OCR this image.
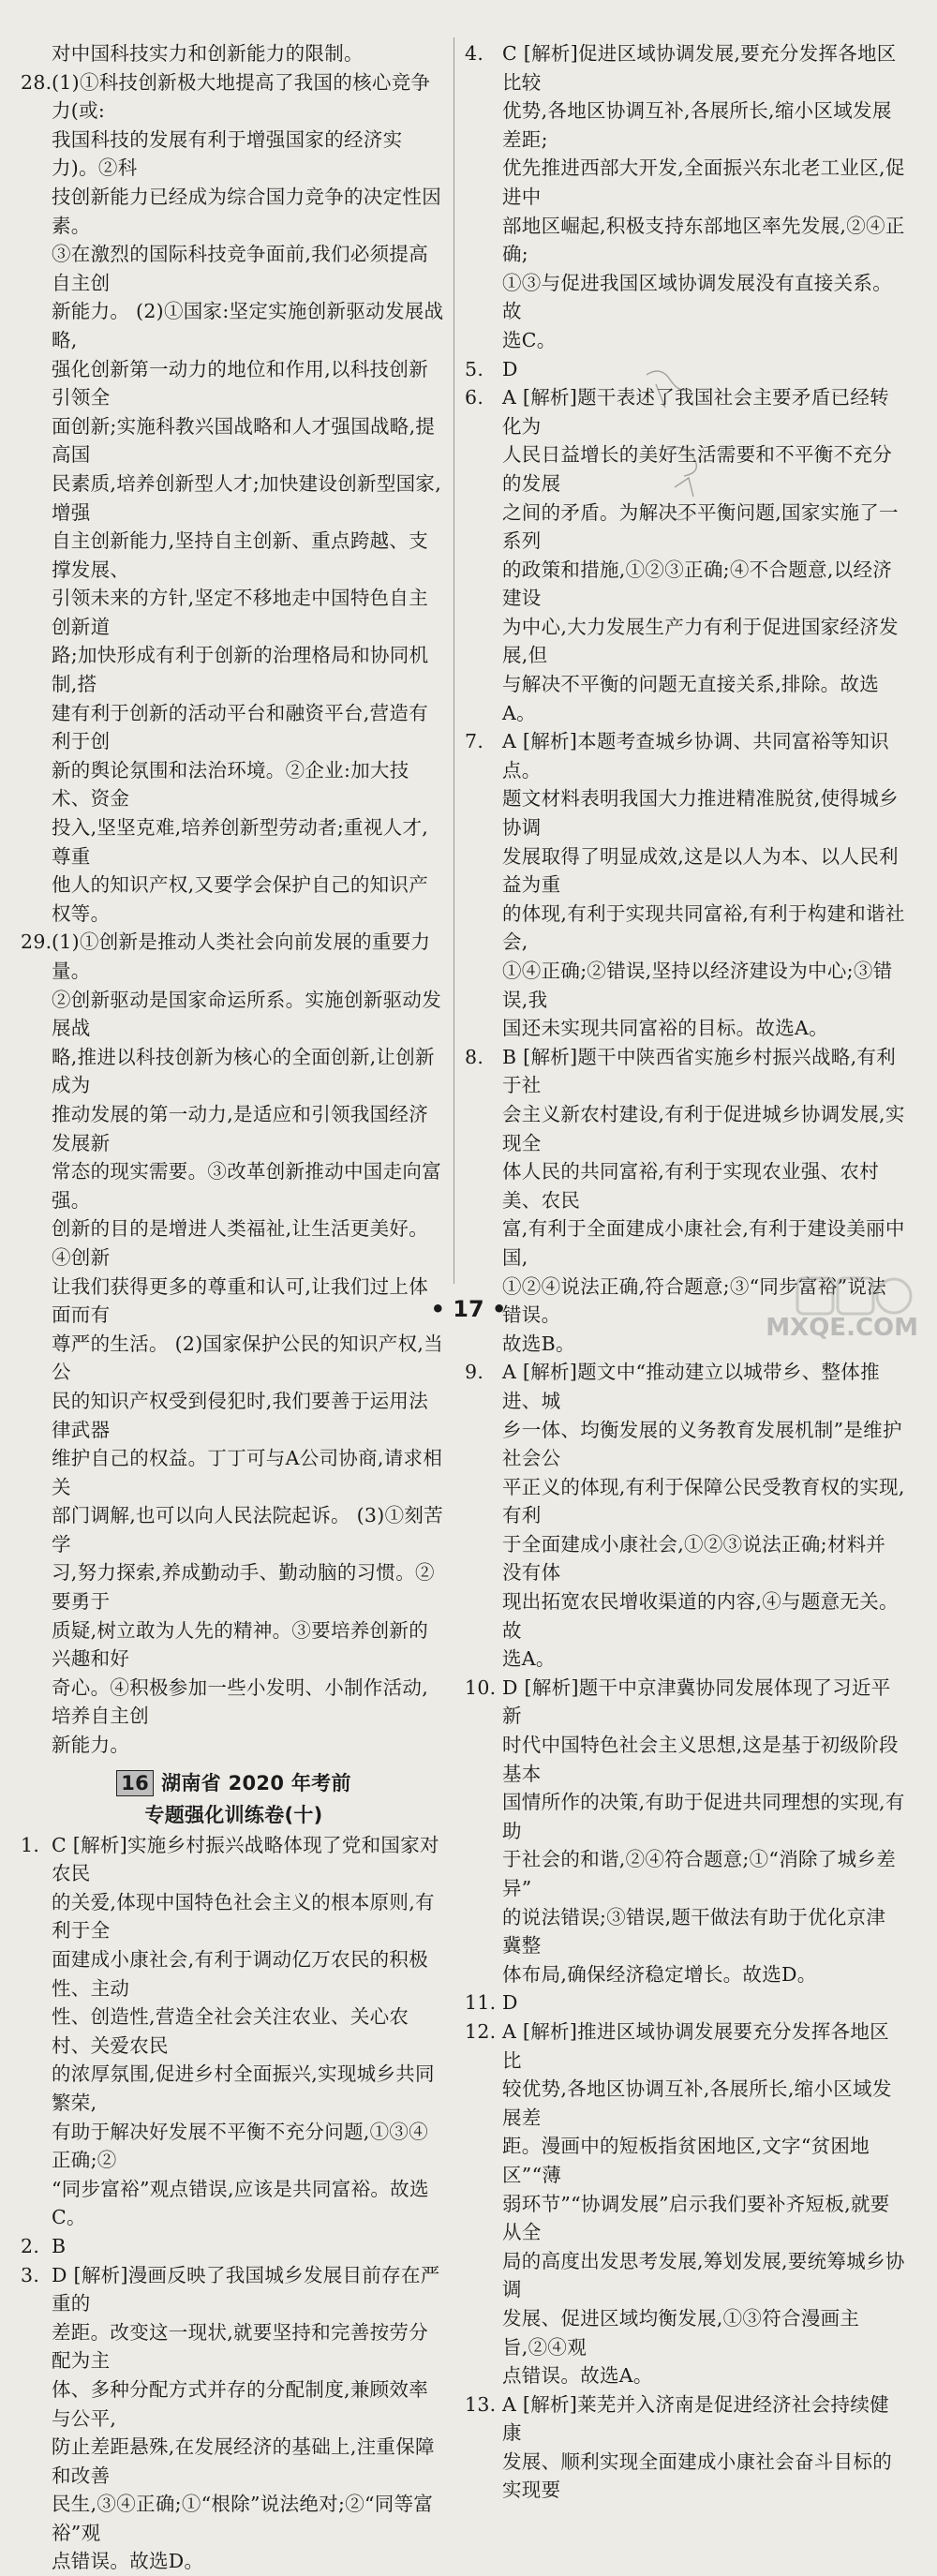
对中国科技实力和创新能力的限制。

28. (1)①科技创新极大地提高了我国的核心竞争力(或:
我国科技的发展有利于增强国家的经济实力)。②科
技创新能力已经成为综合国力竞争的决定性因素。
③在激烈的国际科技竞争面前,我们必须提高自主创
新能力。 (2)①国家:坚定实施创新驱动发展战略,
强化创新第一动力的地位和作用,以科技创新引领全
面创新;实施科教兴国战略和人才强国战略,提高国
民素质,培养创新型人才;加快建设创新型国家,增强
自主创新能力,坚持自主创新、重点跨越、支撑发展、
引领未来的方针,坚定不移地走中国特色自主创新道
路;加快形成有利于创新的治理格局和协同机制,搭
建有利于创新的活动平台和融资平台,营造有利于创
新的舆论氛围和法治环境。②企业:加大技术、资金
投入,坚坚克难,培养创新型劳动者;重视人才,尊重
他人的知识产权,又要学会保护自己的知识产权等。
29. (1)①创新是推动人类社会向前发展的重要力量。
②创新驱动是国家命运所系。实施创新驱动发展战
略,推进以科技创新为核心的全面创新,让创新成为
推动发展的第一动力,是适应和引领我国经济发展新
常态的现实需要。③改革创新推动中国走向富强。
创新的目的是增进人类福祉,让生活更美好。④创新
让我们获得更多的尊重和认可,让我们过上体面而有
尊严的生活。 (2)国家保护公民的知识产权,当公
民的知识产权受到侵犯时,我们要善于运用法律武器
维护自己的权益。丁丁可与A公司协商,请求相关
部门调解,也可以向人民法院起诉。 (3)①刻苦学
习,努力探索,养成勤动手、勤动脑的习惯。②要勇于
质疑,树立敢为人先的精神。③要培养创新的兴趣和好
奇心。④积极参加一些小发明、小制作活动,培养自主创
新能力。
16 湖南省 2020 年考前
专题强化训练卷(十)
1. C [解析]实施乡村振兴战略体现了党和国家对农民
的关爱,体现中国特色社会主义的根本原则,有利于全
面建成小康社会,有利于调动亿万农民的积极性、主动
性、创造性,营造全社会关注农业、关心农村、关爱农民
的浓厚氛围,促进乡村全面振兴,实现城乡共同繁荣,
有助于解决好发展不平衡不充分问题,①③④正确;②
“同步富裕”观点错误,应该是共同富裕。故选C。
2. B
3. D [解析]漫画反映了我国城乡发展目前存在严重的
差距。改变这一现状,就要坚持和完善按劳分配为主
体、多种分配方式并存的分配制度,兼顾效率与公平,
防止差距悬殊,在发展经济的基础上,注重保障和改善
民生,③④正确;①“根除”说法绝对;②“同等富裕”观
点错误。故选D。
4. C [解析]促进区域协调发展,要充分发挥各地区比较
优势,各地区协调互补,各展所长,缩小区域发展差距;
优先推进西部大开发,全面振兴东北老工业区,促进中
部地区崛起,积极支持东部地区率先发展,②④正确;
①③与促进我国区域协调发展没有直接关系。故
选C。
5. D
6. A [解析]题干表述了我国社会主要矛盾已经转化为
人民日益增长的美好生活需要和不平衡不充分的发展
之间的矛盾。为解决不平衡问题,国家实施了一系列
的政策和措施,①②③正确;④不合题意,以经济建设
为中心,大力发展生产力有利于促进国家经济发展,但
与解决不平衡的问题无直接关系,排除。故选A。
7. A [解析]本题考查城乡协调、共同富裕等知识点。
题文材料表明我国大力推进精准脱贫,使得城乡协调
发展取得了明显成效,这是以人为本、以人民利益为重
的体现,有利于实现共同富裕,有利于构建和谐社会,
①④正确;②错误,坚持以经济建设为中心;③错误,我
国还未实现共同富裕的目标。故选A。
8. B [解析]题干中陕西省实施乡村振兴战略,有利于社
会主义新农村建设,有利于促进城乡协调发展,实现全
体人民的共同富裕,有利于实现农业强、农村美、农民
富,有利于全面建成小康社会,有利于建设美丽中国,
①②④说法正确,符合题意;③“同步富裕”说法错误。
故选B。
9. A [解析]题文中“推动建立以城带乡、整体推进、城
乡一体、均衡发展的义务教育发展机制”是维护社会公
平正义的体现,有利于保障公民受教育权的实现,有利
于全面建成小康社会,①②③说法正确;材料并没有体
现出拓宽农民增收渠道的内容,④与题意无关。故
选A。
10. D [解析]题干中京津冀协同发展体现了习近平新
时代中国特色社会主义思想,这是基于初级阶段基本
国情所作的决策,有助于促进共同理想的实现,有助
于社会的和谐,②④符合题意;①“消除了城乡差异”
的说法错误;③错误,题干做法有助于优化京津冀整
体布局,确保经济稳定增长。故选D。
11. D
12. A [解析]推进区域协调发展要充分发挥各地区比
较优势,各地区协调互补,各展所长,缩小区域发展差
距。漫画中的短板指贫困地区,文字“贫困地区”“薄
弱环节”“协调发展”启示我们要补齐短板,就要从全
局的高度出发思考发展,筹划发展,要统筹城乡协调
发展、促进区域均衡发展,①③符合漫画主旨,②④观
点错误。故选A。
13. A [解析]莱芜并入济南是促进经济社会持续健康
发展、顺利实现全面建成小康社会奋斗目标的实现要
• 17 •
MXQE.COM
